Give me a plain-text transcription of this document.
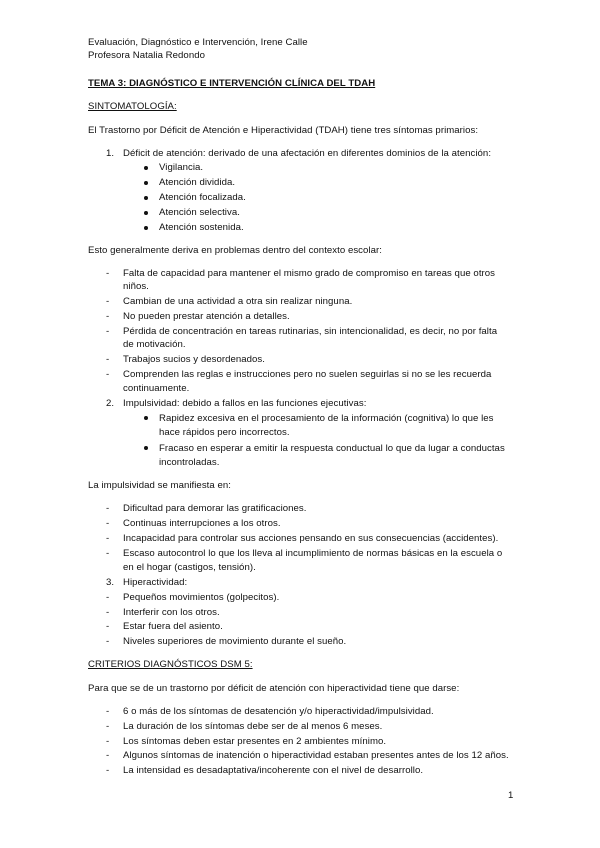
Evaluación, Diagnóstico e Intervención, Irene Calle
Profesora Natalia Redondo
TEMA 3: DIAGNÓSTICO E INTERVENCIÓN CLÍNICA DEL TDAH
SINTOMATOLOGÍA:
El Trastorno por Déficit de Atención e Hiperactividad (TDAH) tiene tres síntomas primarios:
1. Déficit de atención: derivado de una afectación en diferentes dominios de la atención:
Vigilancia.
Atención dividida.
Atención focalizada.
Atención selectiva.
Atención sostenida.
Esto generalmente deriva en problemas dentro del contexto escolar:
- Falta de capacidad para mantener el mismo grado de compromiso en tareas que otros
niños.
- Cambian de una actividad a otra sin realizar ninguna.
- No pueden prestar atención a detalles.
- Pérdida de concentración en tareas rutinarias, sin intencionalidad, es decir, no por falta
de motivación.
- Trabajos sucios y desordenados.
- Comprenden las reglas e instrucciones pero no suelen seguirlas si no se les recuerda
continuamente.
2. Impulsividad: debido a fallos en las funciones ejecutivas:
Rapidez excesiva en el procesamiento de la información (cognitiva) lo que les
hace rápidos pero incorrectos.
Fracaso en esperar a emitir la respuesta conductual lo que da lugar a conductas
incontroladas.
La impulsividad se manifiesta en:
- Dificultad para demorar las gratificaciones.
- Continuas interrupciones a los otros.
- Incapacidad para controlar sus acciones pensando en sus consecuencias (accidentes).
- Escaso autocontrol lo que los lleva al incumplimiento de normas básicas en la escuela o
en el hogar (castigos, tensión).
3. Hiperactividad:
- Pequeños movimientos (golpecitos).
- Interferir con los otros.
- Estar fuera del asiento.
- Niveles superiores de movimiento durante el sueño.
CRITERIOS DIAGNÓSTICOS DSM 5:
Para que se de un trastorno por déficit de atención con hiperactividad tiene que darse:
- 6 o más de los síntomas de desatención y/o hiperactividad/impulsividad.
- La duración de los síntomas debe ser de al menos 6 meses.
- Los síntomas deben estar presentes en 2 ambientes mínimo.
- Algunos síntomas de inatención o hiperactividad estaban presentes antes de los 12 años.
- La intensidad es desadaptativa/incoherente con el nivel de desarrollo.
1
